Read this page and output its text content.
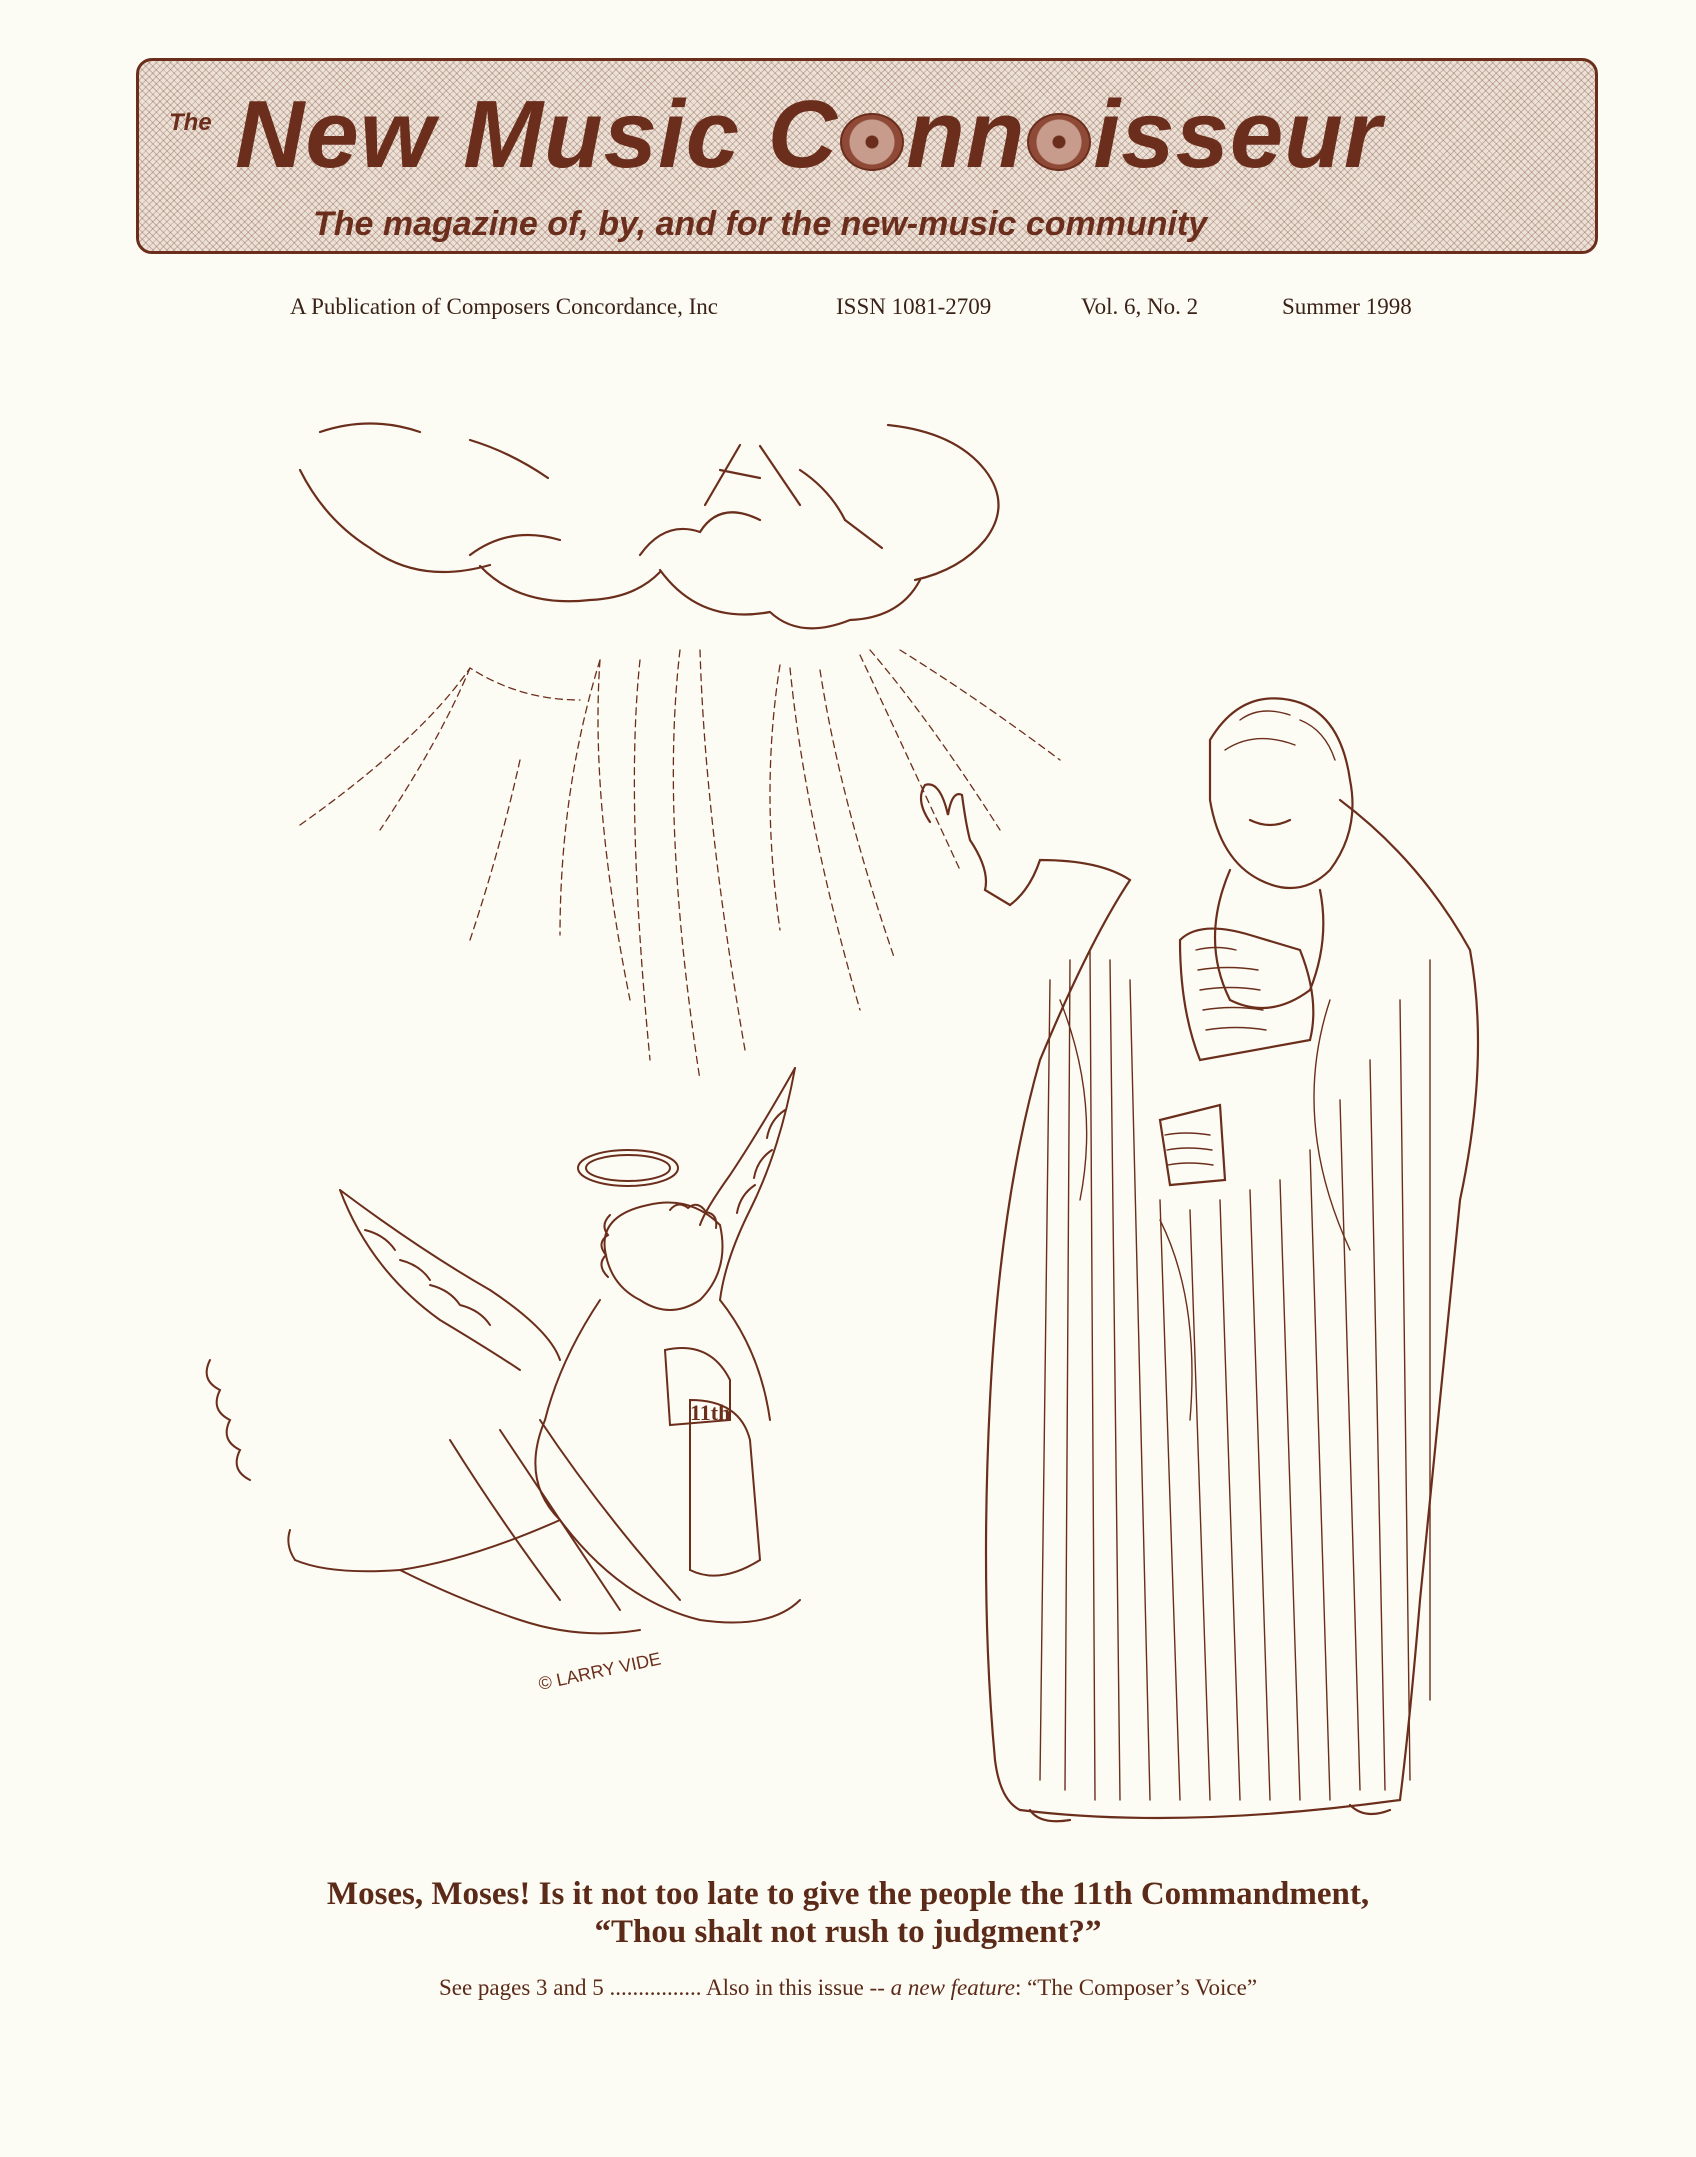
The New Music C nn isseur
The magazine of, by, and for the new-music community
A Publication of Composers Concordance, Inc	ISSN 1081-2709	Vol. 6, No. 2	Summer 1998
11th
© LARRY VIDE
Moses, Moses! Is it not too late to give the people the 11th Commandment,
“Thou shalt not rush to judgment?”
See pages 3 and 5 ................ Also in this issue -- a new feature: “The Composer’s Voice”
